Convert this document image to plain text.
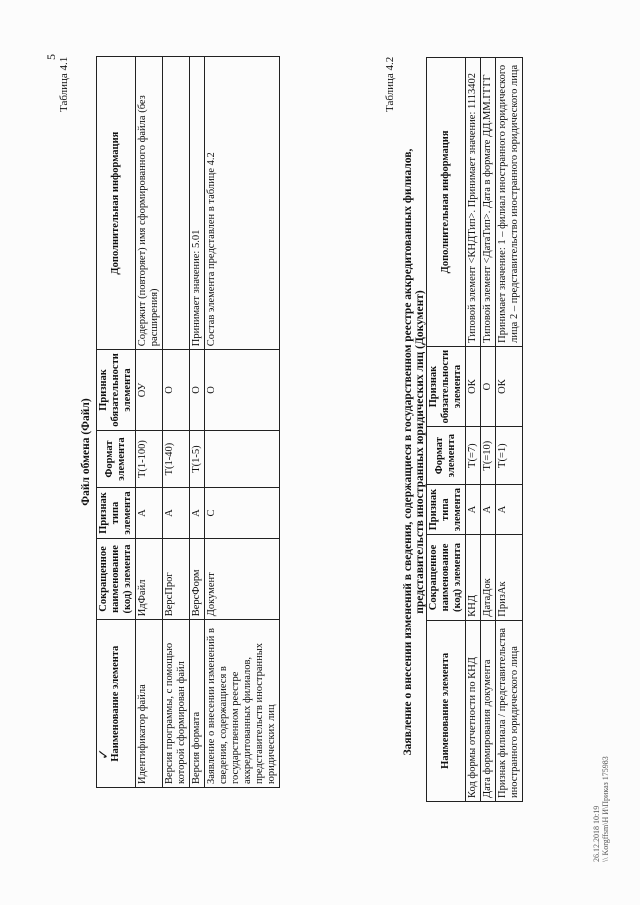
5 Таблица 4.1
Файл обмена (Файл)
✓
Наименование элемента	Сокращенное наименование (код) элемента	Признак типа элемента	Формат элемента	Признак обязательности элемента	Дополнительная информация
Идентификатор файла	ИдФайл	А	Т(1-100)	ОУ	Содержит (повторяет) имя сформированного файла (без расширения)
Версия программы, с помощью которой сформирован файл	ВерсПрог	А	Т(1-40)	О	
Версия формата	ВерсФорм	А	Т(1-5)	О	Принимает значение: 5.01
Заявление о внесении изменений в сведения, содержащиеся в государственном реестре аккредитованных филиалов, представительств иностранных юридических лиц	Документ	С		О	Состав элемента представлен в таблице 4.2
Таблица 4.2
Заявление о внесении изменений в сведения, содержащиеся в государственном реестре аккредитованных филиалов, представительств иностранных юридических лиц (Документ)
Наименование элемента	Сокращенное наименование (код) элемента	Признак типа элемента	Формат элемента	Признак обязательности элемента	Дополнительная информация
Код формы отчетности по КНД	КНД	А	Т(=7)	ОК	Типовой элемент <КНДТип>. Принимает значение: 1113402
Дата формирования документа	ДатаДок	А	Т(=10)	О	Типовой элемент <ДатаТип>. Дата в формате ДД.ММ.ГГГГ
Признак филиала / представительства иностранного юридического лица	ПризАк	А	Т(=1)	ОК	Принимает значение: 1 – филиал иностранного юридического лица 2 – представительство иностранного юридического лица
26.12.2018 10:19 \\ Korgffsm\Н И\Приказ 175983
